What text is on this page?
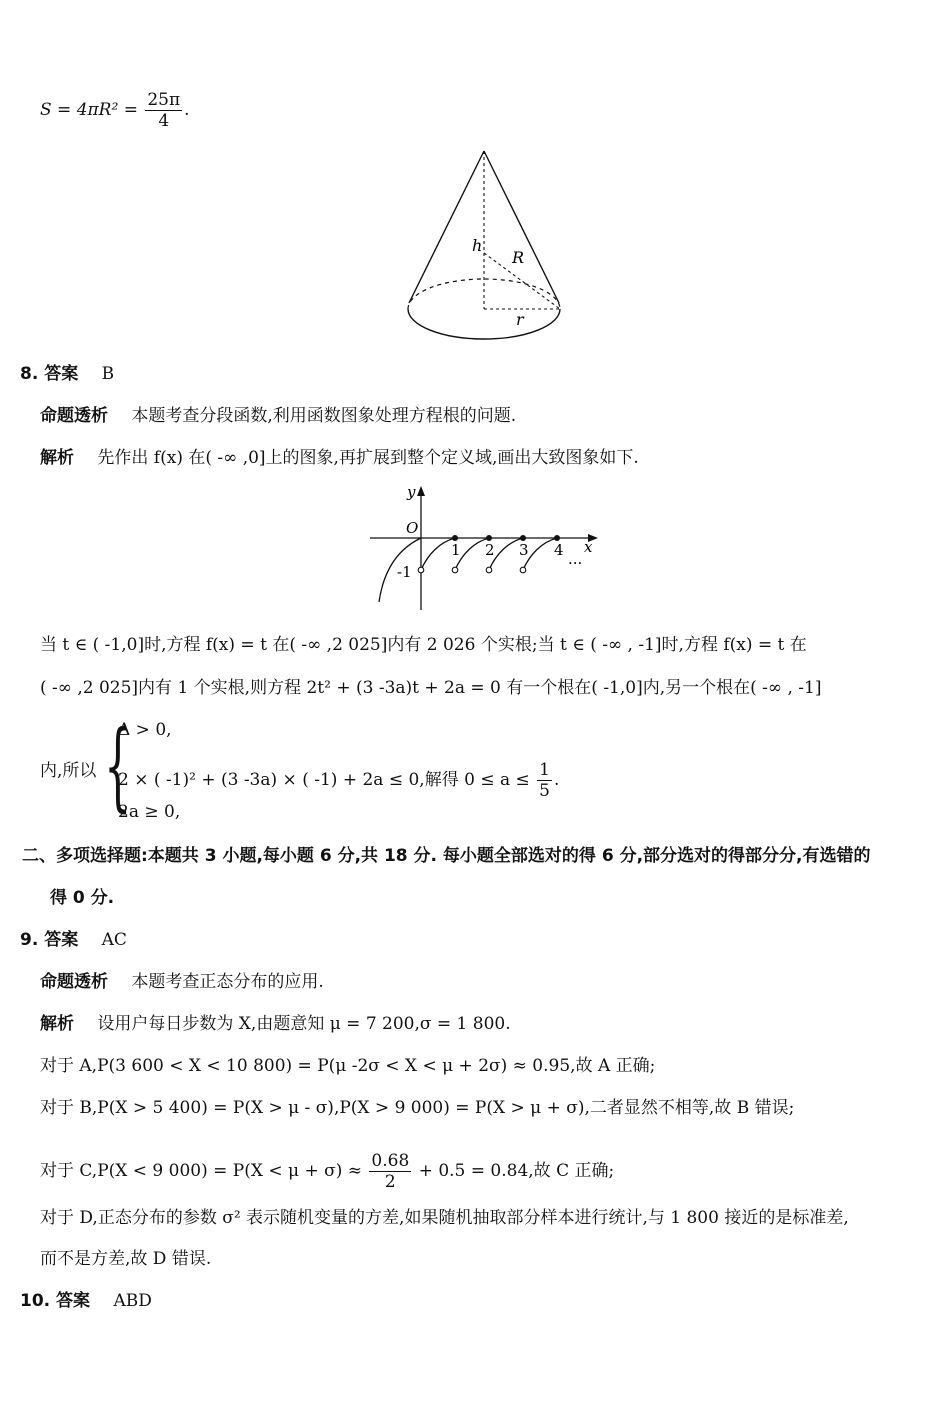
$S = 4\pi R^2 = \frac{25\pi}{4}$ .
h
R
r
8. 答案 B
命题透析 本题考查分段函数,利用函数图象处理方程根的问题.
解析 先作出 f(x) 在( -∞ ,0]上的图象,再扩展到整个定义域,画出大致图象如下.
y
x
O
-1
1 2 3 4
···
当 t ∈ ( -1,0]时,方程 f(x) = t 在( -∞ ,2 025]内有 2 026 个实根;当 t ∈ ( -∞ , -1]时,方程 f(x) = t 在
( -∞ ,2 025]内有 1 个实根,则方程 2t² + (3 -3a)t + 2a = 0 有一个根在( -1,0]内,另一个根在( -∞ , -1]
内,所以 {
Δ > 0,
2 × ( -1)² + (3 -3a) × ( -1) + 2a ≤ 0,解得 $0 \le a \le \frac{1}{5}$ .
2a ≥ 0,
二、多项选择题:本题共 3 小题,每小题 6 分,共 18 分. 每小题全部选对的得 6 分,部分选对的得部分分,有选错的
得 0 分.
9. 答案 AC
命题透析 本题考查正态分布的应用.
解析 设用户每日步数为 X,由题意知 μ = 7 200,σ = 1 800.
对于 A,P(3 600 < X < 10 800) = P(μ -2σ < X < μ + 2σ) ≈ 0.95,故 A 正确;
对于 B,P(X > 5 400) = P(X > μ - σ),P(X > 9 000) = P(X > μ + σ),二者显然不相等,故 B 错误;
对于 C,P(X < 9 $000) = P(X < \mu + \sigma) \approx \frac{0.68}{2} + 0.5 = 0.84$,故 C 正确;
对于 D,正态分布的参数 σ² 表示随机变量的方差,如果随机抽取部分样本进行统计,与 1 800 接近的是标准差,
而不是方差,故 D 错误.
10. 答案 ABD
